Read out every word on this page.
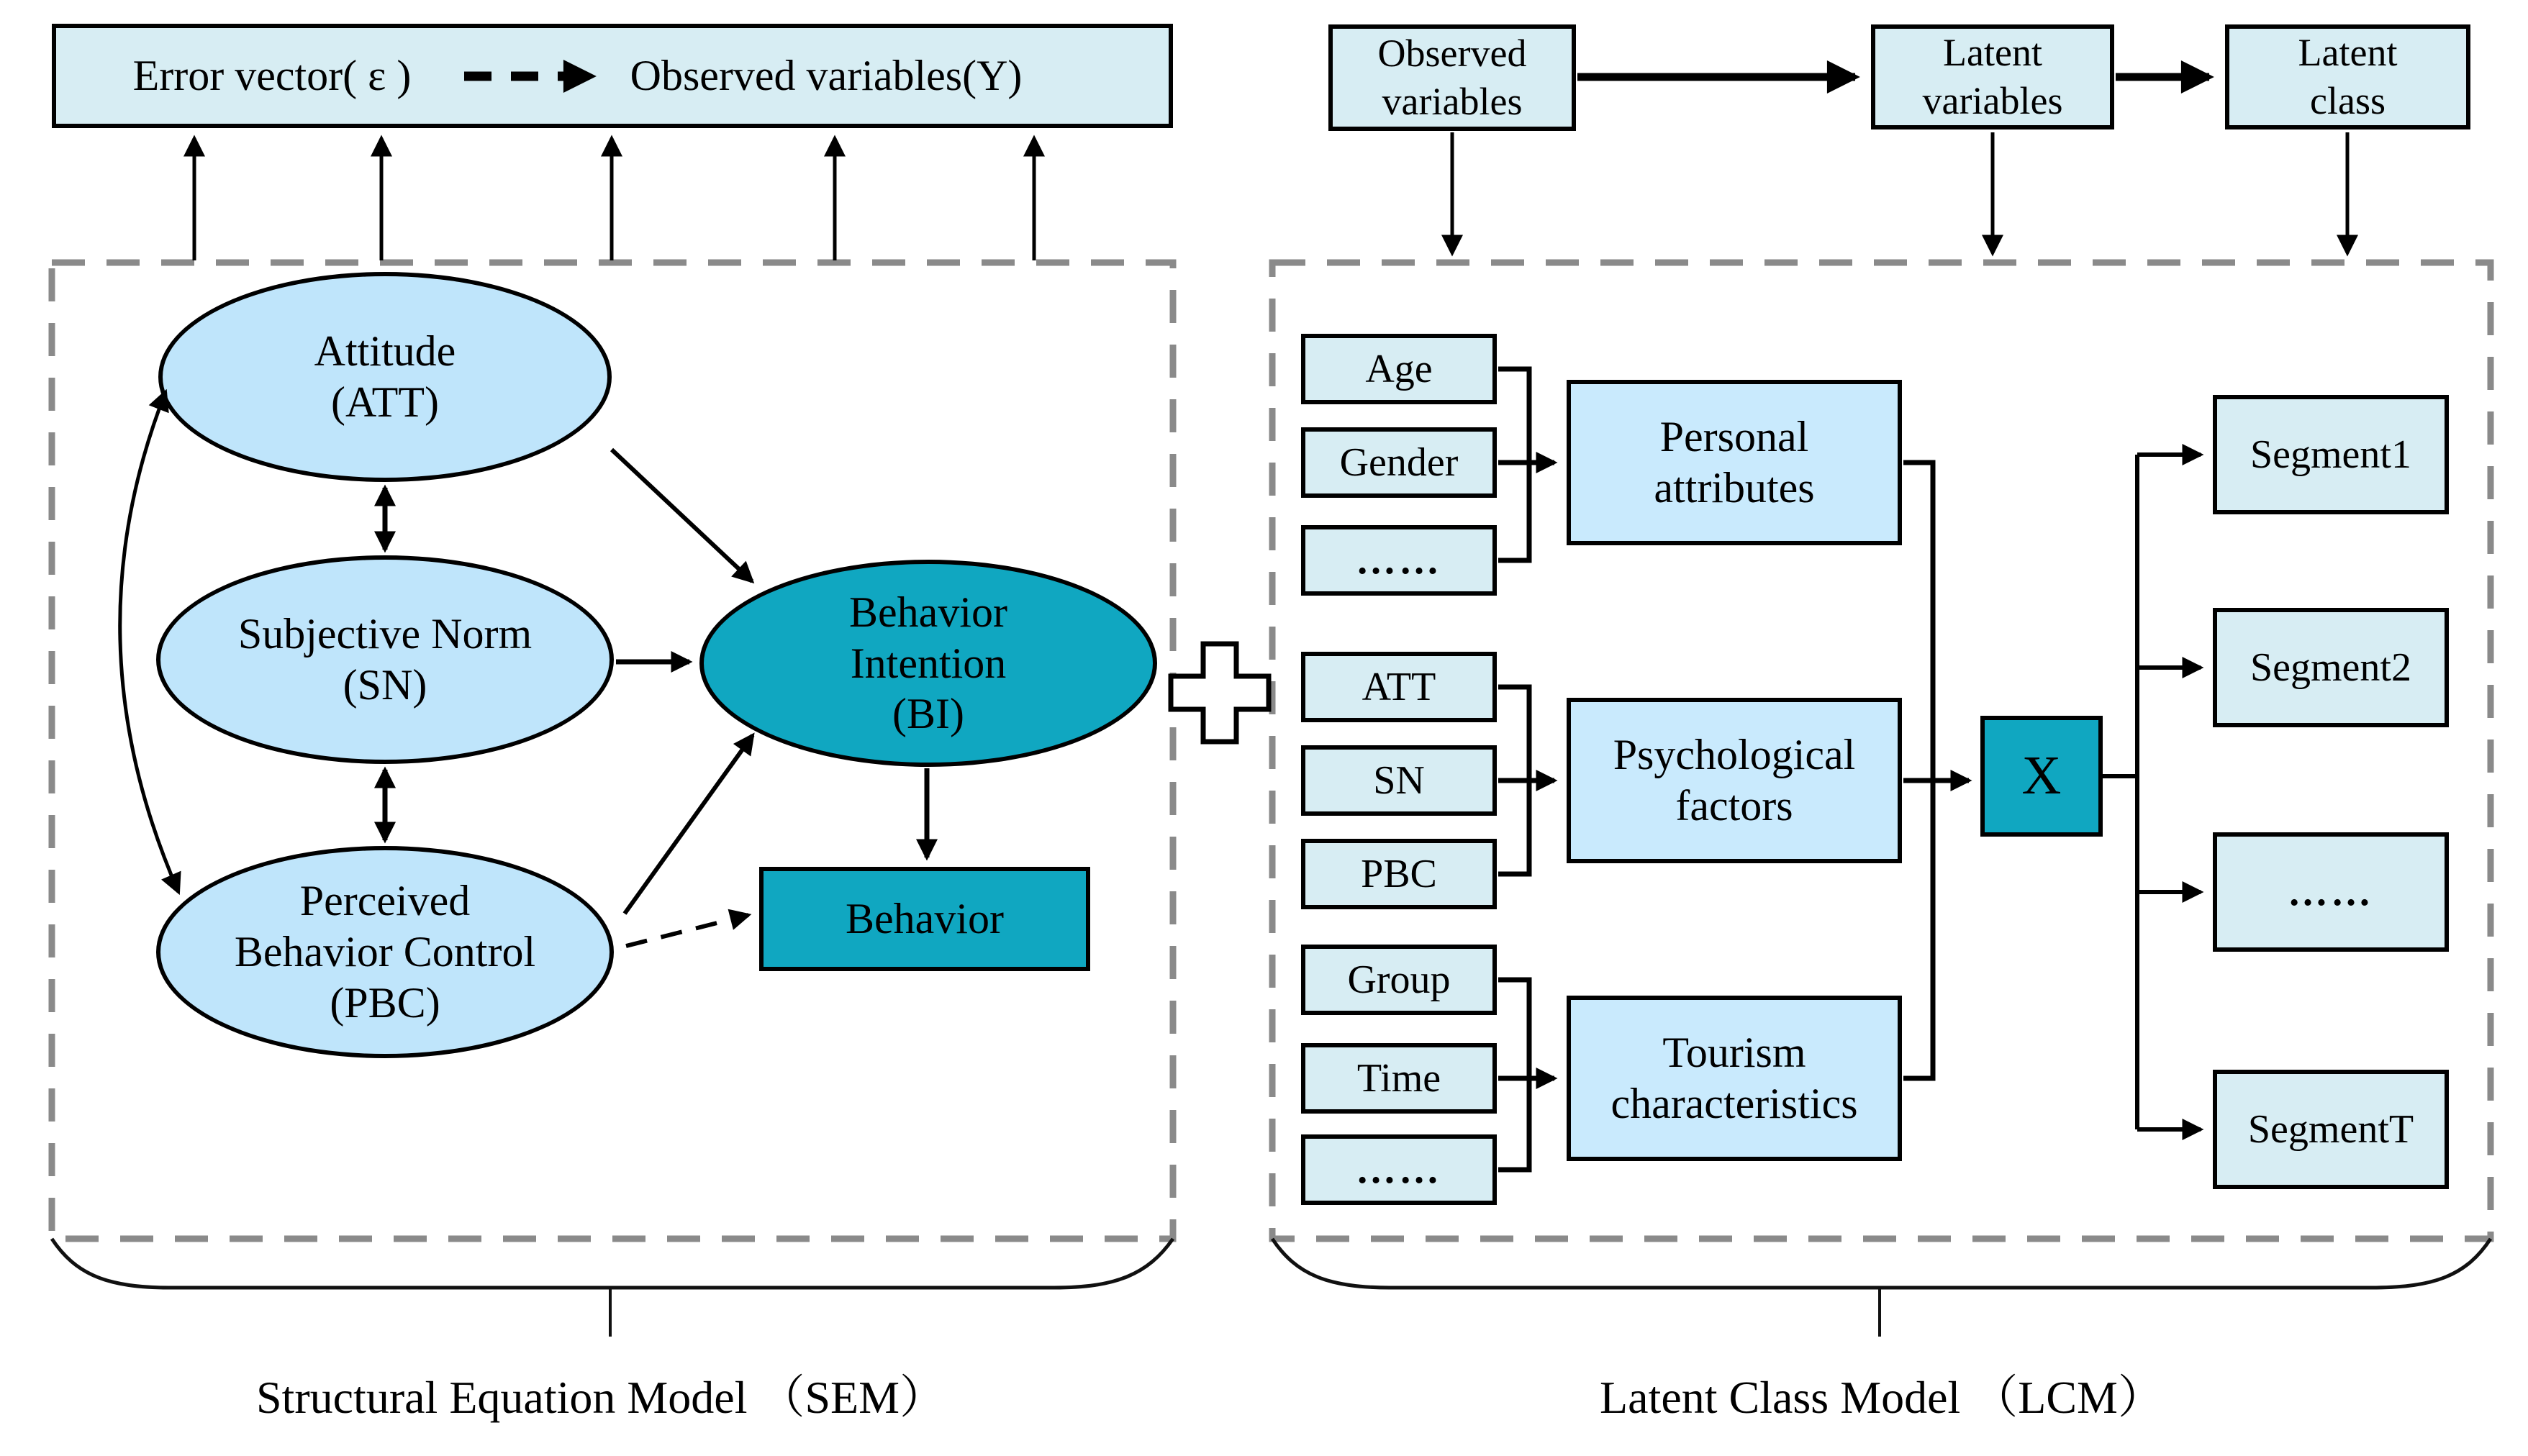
Error vector( ε )	Observed variables(Y)
Attitude
(ATT)
Subjective Norm
(SN)
Perceived
Behavior Control
(PBC)
Behavior
Intention
(BI)
Behavior
Structural Equation Model （SEM）
Observed
variables
Latent
variables
Latent
class
Age
Gender
……
ATT
SN
PBC
Group
Time
……
Personal
attributes
Psychological
factors
Tourism
characteristics
X
Segment1
Segment2
……
SegmentT
Latent Class Model （LCM）
